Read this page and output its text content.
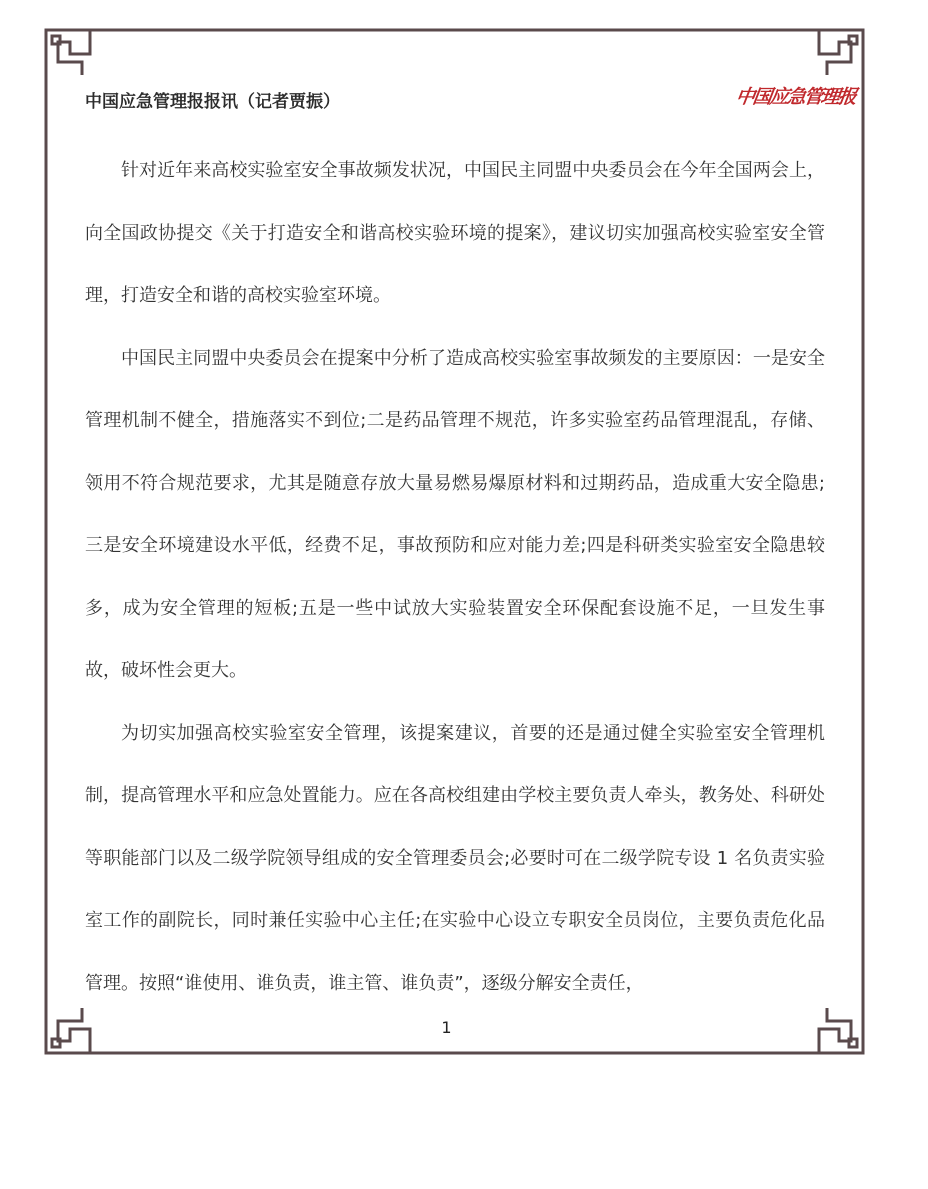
中国应急管理报报讯（记者贾振）	中国应急管理报

针对近年来高校实验室安全事故频发状况，中国民主同盟中央委员会在今年全国两会上，向全国政协提交《关于打造安全和谐高校实验环境的提案》，建议切实加强高校实验室安全管理，打造安全和谐的高校实验室环境。

中国民主同盟中央委员会在提案中分析了造成高校实验室事故频发的主要原因：一是安全管理机制不健全，措施落实不到位;二是药品管理不规范，许多实验室药品管理混乱，存储、领用不符合规范要求，尤其是随意存放大量易燃易爆原材料和过期药品，造成重大安全隐患;三是安全环境建设水平低，经费不足，事故预防和应对能力差;四是科研类实验室安全隐患较多，成为安全管理的短板;五是一些中试放大实验装置安全环保配套设施不足，一旦发生事故，破坏性会更大。

为切实加强高校实验室安全管理，该提案建议，首要的还是通过健全实验室安全管理机制，提高管理水平和应急处置能力。应在各高校组建由学校主要负责人牵头，教务处、科研处等职能部门以及二级学院领导组成的安全管理委员会;必要时可在二级学院专设 1 名负责实验室工作的副院长，同时兼任实验中心主任;在实验中心设立专职安全员岗位，主要负责危化品管理。按照“谁使用、谁负责，谁主管、谁负责”，逐级分解安全责任，

1
